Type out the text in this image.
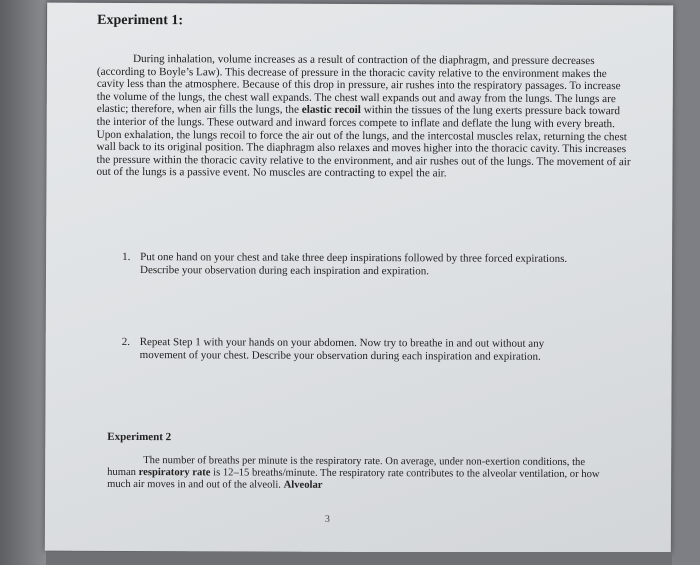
Experiment 1:
During inhalation, volume increases as a result of contraction of the diaphragm, and pressure decreases (according to Boyle’s Law). This decrease of pressure in the thoracic cavity relative to the environment makes the cavity less than the atmosphere. Because of this drop in pressure, air rushes into the respiratory passages. To increase the volume of the lungs, the chest wall expands. The chest wall expands out and away from the lungs. The lungs are elastic; therefore, when air fills the lungs, the elastic recoil within the tissues of the lung exerts pressure back toward the interior of the lungs. These outward and inward forces compete to inflate and deflate the lung with every breath. Upon exhalation, the lungs recoil to force the air out of the lungs, and the intercostal muscles relax, returning the chest wall back to its original position. The diaphragm also relaxes and moves higher into the thoracic cavity. This increases the pressure within the thoracic cavity relative to the environment, and air rushes out of the lungs. The movement of air out of the lungs is a passive event. No muscles are contracting to expel the air.
1. Put one hand on your chest and take three deep inspirations followed by three forced expirations. Describe your observation during each inspiration and expiration.
2. Repeat Step 1 with your hands on your abdomen. Now try to breathe in and out without any movement of your chest. Describe your observation during each inspiration and expiration.
Experiment 2
The number of breaths per minute is the respiratory rate. On average, under non-exertion conditions, the human respiratory rate is 12–15 breaths/minute. The respiratory rate contributes to the alveolar ventilation, or how much air moves in and out of the alveoli. Alveolar
3
